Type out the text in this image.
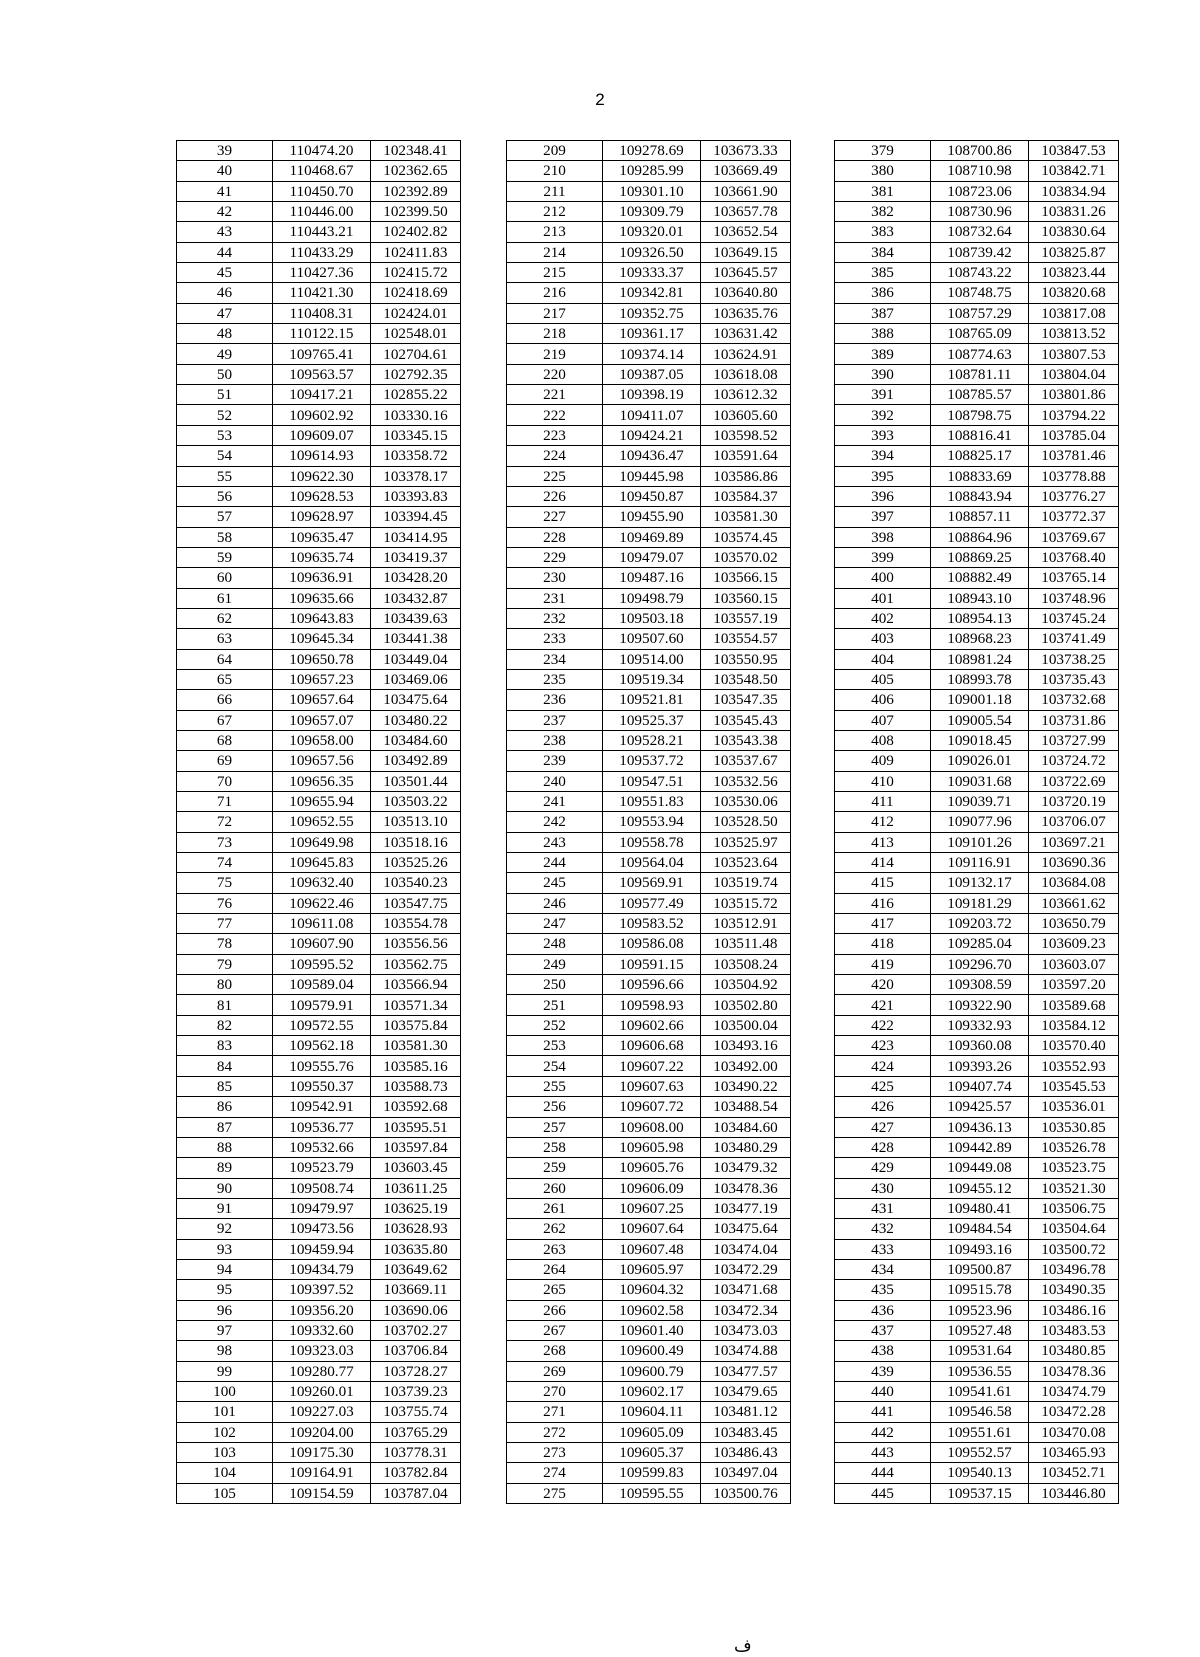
2
39	110474.20	102348.41
40	110468.67	102362.65
41	110450.70	102392.89
42	110446.00	102399.50
43	110443.21	102402.82
44	110433.29	102411.83
45	110427.36	102415.72
46	110421.30	102418.69
47	110408.31	102424.01
48	110122.15	102548.01
49	109765.41	102704.61
50	109563.57	102792.35
51	109417.21	102855.22
52	109602.92	103330.16
53	109609.07	103345.15
54	109614.93	103358.72
55	109622.30	103378.17
56	109628.53	103393.83
57	109628.97	103394.45
58	109635.47	103414.95
59	109635.74	103419.37
60	109636.91	103428.20
61	109635.66	103432.87
62	109643.83	103439.63
63	109645.34	103441.38
64	109650.78	103449.04
65	109657.23	103469.06
66	109657.64	103475.64
67	109657.07	103480.22
68	109658.00	103484.60
69	109657.56	103492.89
70	109656.35	103501.44
71	109655.94	103503.22
72	109652.55	103513.10
73	109649.98	103518.16
74	109645.83	103525.26
75	109632.40	103540.23
76	109622.46	103547.75
77	109611.08	103554.78
78	109607.90	103556.56
79	109595.52	103562.75
80	109589.04	103566.94
81	109579.91	103571.34
82	109572.55	103575.84
83	109562.18	103581.30
84	109555.76	103585.16
85	109550.37	103588.73
86	109542.91	103592.68
87	109536.77	103595.51
88	109532.66	103597.84
89	109523.79	103603.45
90	109508.74	103611.25
91	109479.97	103625.19
92	109473.56	103628.93
93	109459.94	103635.80
94	109434.79	103649.62
95	109397.52	103669.11
96	109356.20	103690.06
97	109332.60	103702.27
98	109323.03	103706.84
99	109280.77	103728.27
100	109260.01	103739.23
101	109227.03	103755.74
102	109204.00	103765.29
103	109175.30	103778.31
104	109164.91	103782.84
105	109154.59	103787.04
209	109278.69	103673.33
210	109285.99	103669.49
211	109301.10	103661.90
212	109309.79	103657.78
213	109320.01	103652.54
214	109326.50	103649.15
215	109333.37	103645.57
216	109342.81	103640.80
217	109352.75	103635.76
218	109361.17	103631.42
219	109374.14	103624.91
220	109387.05	103618.08
221	109398.19	103612.32
222	109411.07	103605.60
223	109424.21	103598.52
224	109436.47	103591.64
225	109445.98	103586.86
226	109450.87	103584.37
227	109455.90	103581.30
228	109469.89	103574.45
229	109479.07	103570.02
230	109487.16	103566.15
231	109498.79	103560.15
232	109503.18	103557.19
233	109507.60	103554.57
234	109514.00	103550.95
235	109519.34	103548.50
236	109521.81	103547.35
237	109525.37	103545.43
238	109528.21	103543.38
239	109537.72	103537.67
240	109547.51	103532.56
241	109551.83	103530.06
242	109553.94	103528.50
243	109558.78	103525.97
244	109564.04	103523.64
245	109569.91	103519.74
246	109577.49	103515.72
247	109583.52	103512.91
248	109586.08	103511.48
249	109591.15	103508.24
250	109596.66	103504.92
251	109598.93	103502.80
252	109602.66	103500.04
253	109606.68	103493.16
254	109607.22	103492.00
255	109607.63	103490.22
256	109607.72	103488.54
257	109608.00	103484.60
258	109605.98	103480.29
259	109605.76	103479.32
260	109606.09	103478.36
261	109607.25	103477.19
262	109607.64	103475.64
263	109607.48	103474.04
264	109605.97	103472.29
265	109604.32	103471.68
266	109602.58	103472.34
267	109601.40	103473.03
268	109600.49	103474.88
269	109600.79	103477.57
270	109602.17	103479.65
271	109604.11	103481.12
272	109605.09	103483.45
273	109605.37	103486.43
274	109599.83	103497.04
275	109595.55	103500.76
379	108700.86	103847.53
380	108710.98	103842.71
381	108723.06	103834.94
382	108730.96	103831.26
383	108732.64	103830.64
384	108739.42	103825.87
385	108743.22	103823.44
386	108748.75	103820.68
387	108757.29	103817.08
388	108765.09	103813.52
389	108774.63	103807.53
390	108781.11	103804.04
391	108785.57	103801.86
392	108798.75	103794.22
393	108816.41	103785.04
394	108825.17	103781.46
395	108833.69	103778.88
396	108843.94	103776.27
397	108857.11	103772.37
398	108864.96	103769.67
399	108869.25	103768.40
400	108882.49	103765.14
401	108943.10	103748.96
402	108954.13	103745.24
403	108968.23	103741.49
404	108981.24	103738.25
405	108993.78	103735.43
406	109001.18	103732.68
407	109005.54	103731.86
408	109018.45	103727.99
409	109026.01	103724.72
410	109031.68	103722.69
411	109039.71	103720.19
412	109077.96	103706.07
413	109101.26	103697.21
414	109116.91	103690.36
415	109132.17	103684.08
416	109181.29	103661.62
417	109203.72	103650.79
418	109285.04	103609.23
419	109296.70	103603.07
420	109308.59	103597.20
421	109322.90	103589.68
422	109332.93	103584.12
423	109360.08	103570.40
424	109393.26	103552.93
425	109407.74	103545.53
426	109425.57	103536.01
427	109436.13	103530.85
428	109442.89	103526.78
429	109449.08	103523.75
430	109455.12	103521.30
431	109480.41	103506.75
432	109484.54	103504.64
433	109493.16	103500.72
434	109500.87	103496.78
435	109515.78	103490.35
436	109523.96	103486.16
437	109527.48	103483.53
438	109531.64	103480.85
439	109536.55	103478.36
440	109541.61	103474.79
441	109546.58	103472.28
442	109551.61	103470.08
443	109552.57	103465.93
444	109540.13	103452.71
445	109537.15	103446.80
ف
